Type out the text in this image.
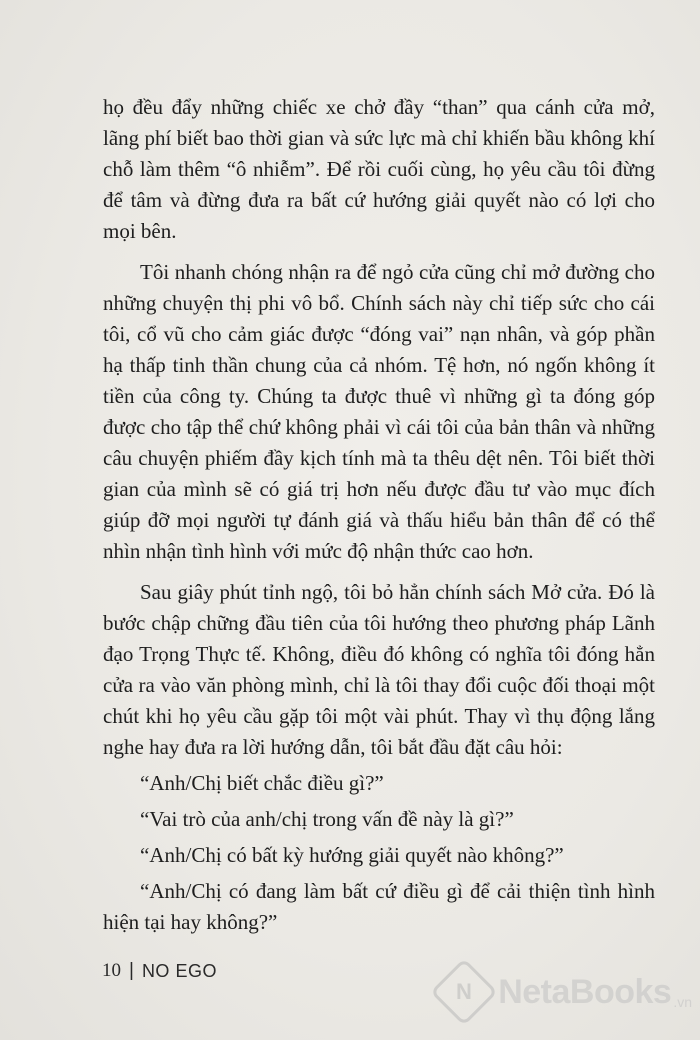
họ đều đẩy những chiếc xe chở đầy “than” qua cánh cửa mở, lãng phí biết bao thời gian và sức lực mà chỉ khiến bầu không khí chỗ làm thêm “ô nhiễm”. Để rồi cuối cùng, họ yêu cầu tôi đừng để tâm và đừng đưa ra bất cứ hướng giải quyết nào có lợi cho mọi bên.

Tôi nhanh chóng nhận ra để ngỏ cửa cũng chỉ mở đường cho những chuyện thị phi vô bổ. Chính sách này chỉ tiếp sức cho cái tôi, cổ vũ cho cảm giác được “đóng vai” nạn nhân, và góp phần hạ thấp tinh thần chung của cả nhóm. Tệ hơn, nó ngốn không ít tiền của công ty. Chúng ta được thuê vì những gì ta đóng góp được cho tập thể chứ không phải vì cái tôi của bản thân và những câu chuyện phiếm đầy kịch tính mà ta thêu dệt nên. Tôi biết thời gian của mình sẽ có giá trị hơn nếu được đầu tư vào mục đích giúp đỡ mọi người tự đánh giá và thấu hiểu bản thân để có thể nhìn nhận tình hình với mức độ nhận thức cao hơn.

Sau giây phút tỉnh ngộ, tôi bỏ hẳn chính sách Mở cửa. Đó là bước chập chững đầu tiên của tôi hướng theo phương pháp Lãnh đạo Trọng Thực tế. Không, điều đó không có nghĩa tôi đóng hẳn cửa ra vào văn phòng mình, chỉ là tôi thay đổi cuộc đối thoại một chút khi họ yêu cầu gặp tôi một vài phút. Thay vì thụ động lắng nghe hay đưa ra lời hướng dẫn, tôi bắt đầu đặt câu hỏi:

“Anh/Chị biết chắc điều gì?”

“Vai trò của anh/chị trong vấn đề này là gì?”

“Anh/Chị có bất kỳ hướng giải quyết nào không?”

“Anh/Chị có đang làm bất cứ điều gì để cải thiện tình hình hiện tại hay không?”

10 | NO EGO
N NetaBooks .vn
